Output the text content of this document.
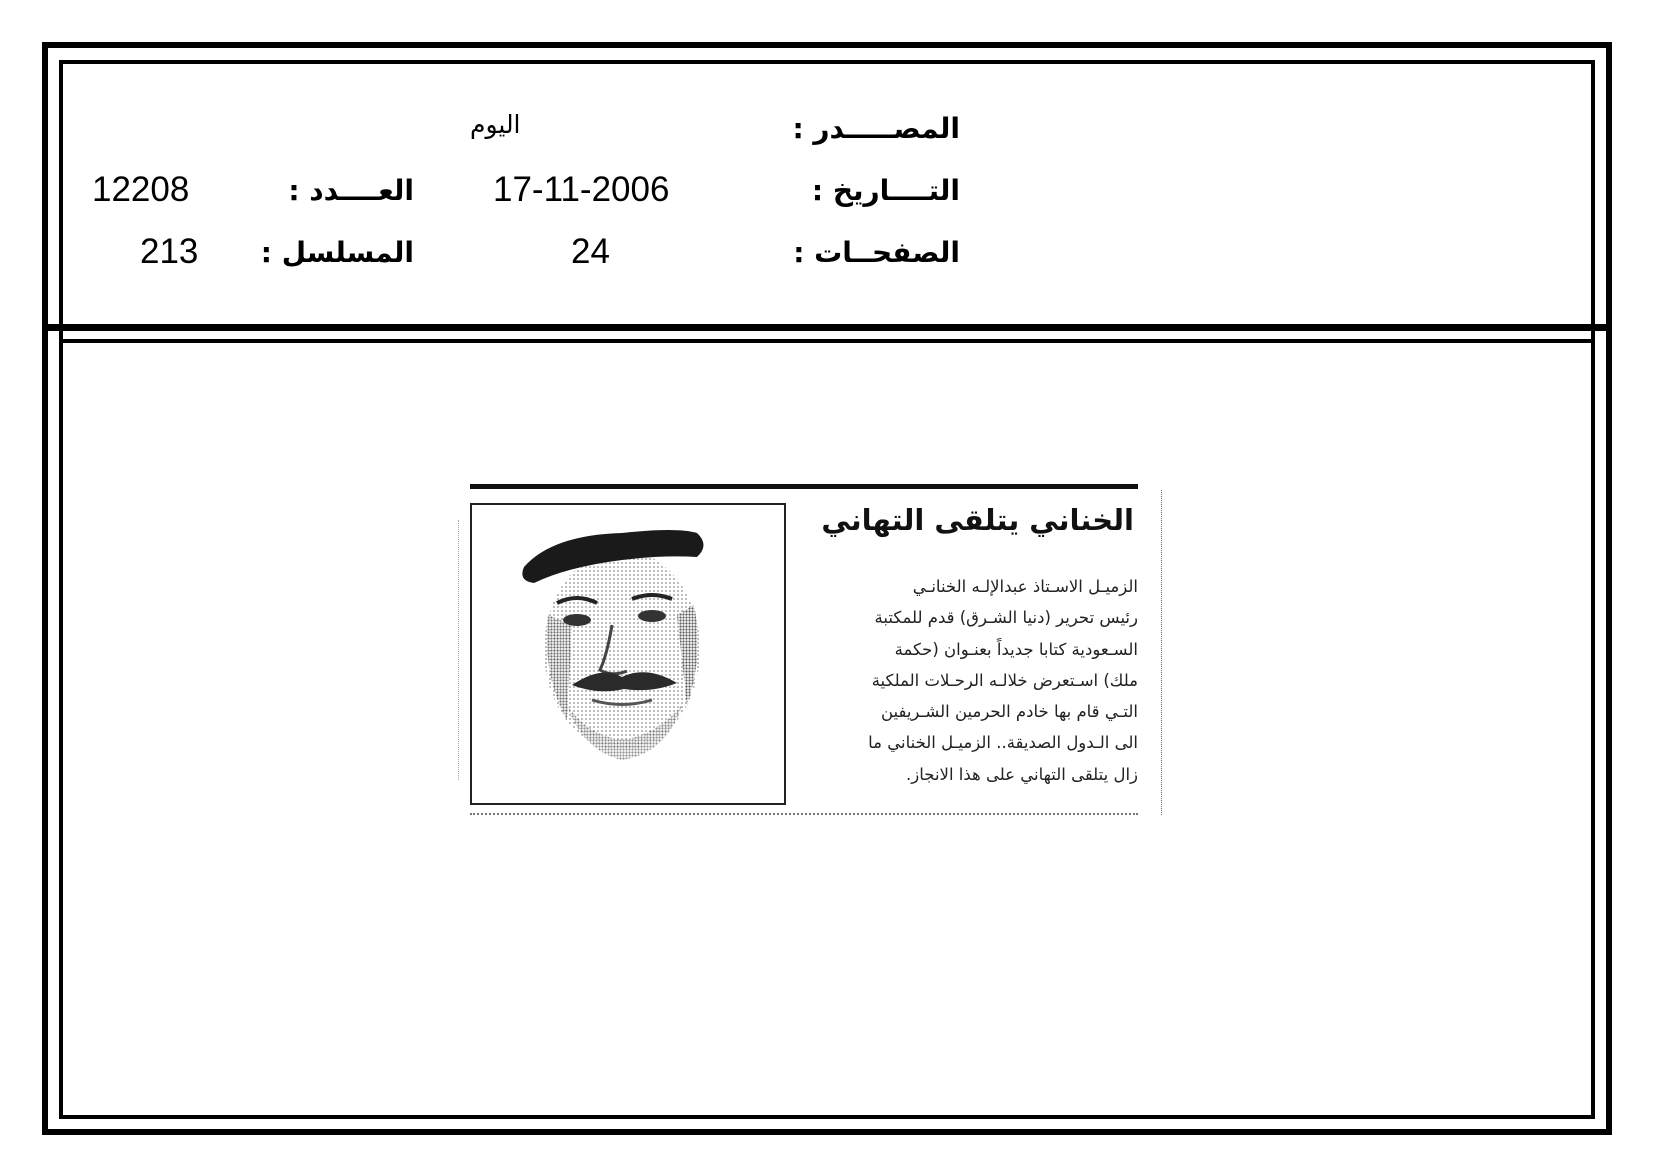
المصـــــدر :
اليوم
التــــاريخ :
17-11-2006
الصفحــات :
24
العــــدد :
12208
المسلسل :
213
الخناني يتلقى التهاني
الزميـل الاسـتاذ عبدالإلـه الخنانـي
رئيس تحرير (دنيا الشـرق) قدم للمكتبة
السـعودية كتابا جديداً بعنـوان (حكمة
ملك) اسـتعرض خلالـه الرحـلات الملكية
التـي قام بها خادم الحرمين الشـريفين
الى الـدول الصديقة.. الزميـل الخناني ما
زال يتلقى التهاني على هذا الانجاز.
